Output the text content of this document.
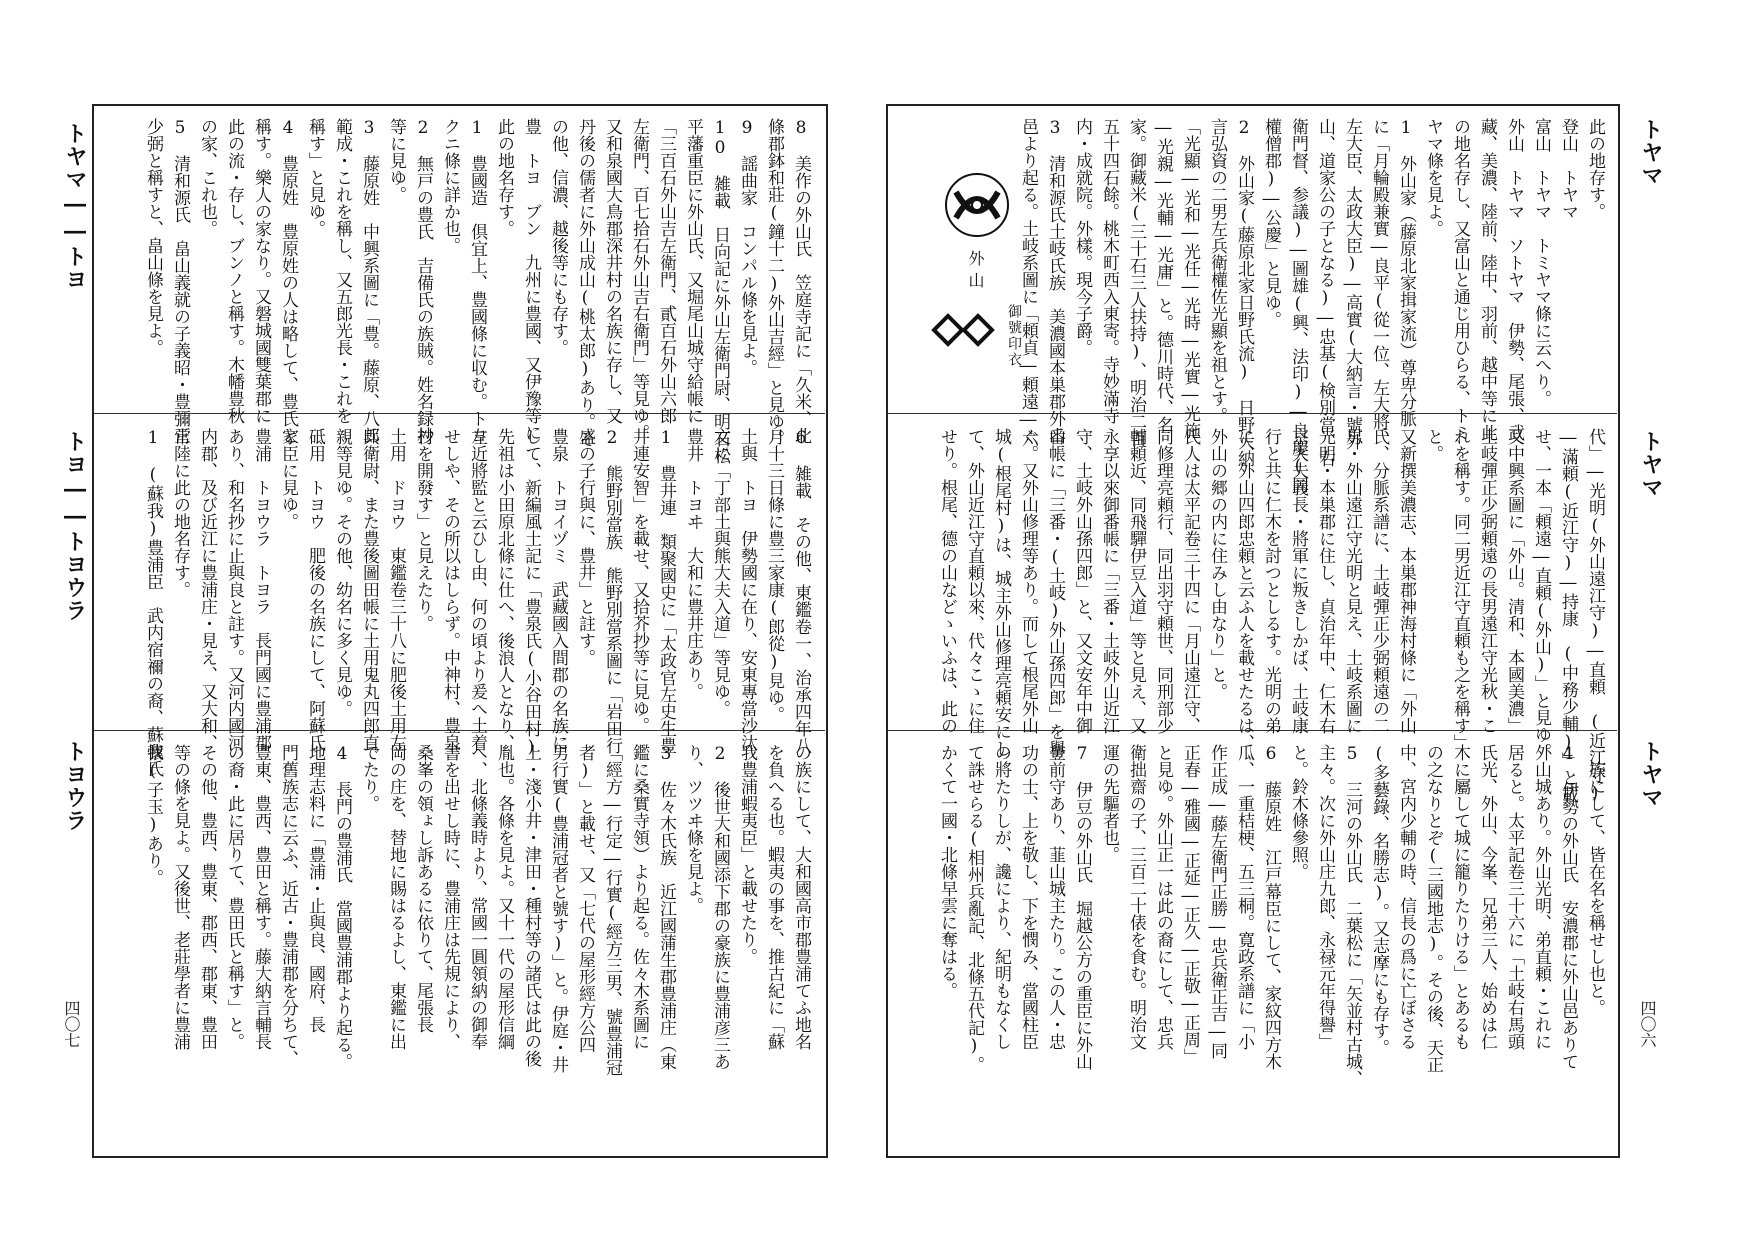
トヤマ――トヨ
トヨ――トヨウラ
トヨウラ
四〇七
8　美作の外山氏　笠庭寺記に「久米、北
條郡鉢和莊(鐘十二)外山吉經」と見ゆ。
9　謡曲家　コンパル條を見よ。
10　雑載　日向記に外山左衛門尉、明石松
平藩重臣に外山氏、又堀尾山城守給帳に
「三百石外山吉左衛門、貳百石外山六郎
左衛門、百七拾石外山吉右衛門」等見ゆ。
又和泉國大鳥郡深井村の名族に存し、又
丹後の儒者に外山成山(桃太郎)あり。そ
の他、信濃、越後等にも存す。
豊　トヨ　ブン　九州に豊國、又伊豫等に
此の地名存す。
1　豊國造　倶宜上、豊國條に収む。トヨ
クニ條に詳か也。
2　無戸の豊氏　吉備氏の族賊。姓名録抄
等に見ゆ。
3　藤原姓　中興系圖に「豊。藤原、八郎
範成・これを稱し、又五郎光長・これを
稱す」と見ゆ。
4　豊原姓　豊原姓の人は略して、豊氏と
稱す。樂人の家なり。又磐城國雙葉郡に
此の流・存し、ブンノと稱す。木幡豊秋
の家、これ也。
5　清和源氏　畠山義就の子義昭・豊彌正
少弼と稱すと、畠山條を見よ。
6　雑載　その他、東鑑卷一、治承四年八
月十三日條に豊三家康(郎從)見ゆ。
土與　トヨ　伊勢國に在り、安東專當沙汰
文に「丁部土與熊大夫入道」等見ゆ。
豊井　トヨヰ　大和に豊井庄あり。
1　豊井連　類聚國史に「太政官左史生豊
井連安智」を載せ、又拾芥抄等に見ゆ。
2　熊野別當族　熊野別當系圖に「岩田行
盛の子行與に、豊井」と註す。
豊泉　トヨイヅミ　武藏國入間郡の名族に
して、新編風土記に「豊泉氏(小谷田村)
先祖は小田原北條に仕へ、後浪人となり、
左近將監と云ひし由、何の頃より爰へ土着
せしや、その所以はしらず。中神村、豊泉
村を開發す」と見えたり。
土用　ドヨウ　東鑑卷三十八に肥後土用左
兵衛尉、また豊後圖田帳に土用鬼丸四郎直
親等見ゆ。その他、幼名に多く見ゆ。
砥用　トヨウ　肥後の名族にして、阿蘇氏
家臣に見ゆ。
豊浦　トヨウラ　トヨラ　長門國に豊浦郡
あり、和名抄に止與良と註す。又河内國河
内郡、及び近江に豊浦庄・見え、又大和、
常陸に此の地名存す。
1　(蘇我)豊浦臣　武内宿禰の裔、蘇我氏
の族にして、大和國高市郡豊浦てふ地名
を負へる也。蝦夷の事を、推古紀に「蘇
我豊浦蝦夷臣」と載せたり。
2　後世大和國添下郡の豪族に豊浦彦三あ
り、ツツヰ條を見よ。
3　佐々木氏族　近江國蒲生郡豊浦庄（東
鑑に桑實寺領）より起る。佐々木系圖に
「經方―行定―行實(經方三男、號豊浦冠
者)」と載せ、又「七代の屋形經方公四
男行實(豊浦冠者と號す)」と。伊庭・井
上・淺小井・津田・種村等の諸氏は此の後
胤也。各條を見よ。又十一代の屋形信綱
へ、北條義時より、常國一圓領納の御奉
書を出せし時に、豊浦庄は先規により、
桑峯の領ょし訴あるに依りて、尾張長
岡の庄を、替地に賜はるよし、東鑑に出
でたり。
4　長門の豊浦氏　當國豊浦郡より起る。
地理志料に「豊浦・止與良、國府、長
門舊族志に云ふ、近古・豊浦郡を分ちて、
豊東、豊西、豊田と稱す。藤大納言輔長
の裔・此に居りて、豊田氏と稱す」と。
その他、豊西、豊東、郡西、郡東、豊田
等の條を見よ。又後世、老莊學者に豊浦
懷(子玉)あり。
外山
御號印衣
此の地存す。
登山　トヤマ
富山　トヤマ　トミヤマ條に云へり。
外山　トヤマ　ソトヤマ　伊勢、尾張、武
藏、美濃、陸前、陸中、羽前、越中等に此
の地名存し、又富山と通じ用ひらる、トミ
ヤマ條を見よ。
1　外山家（藤原北家揖家流）尊卑分脈
に「月輪殿兼實―良平(從一位、左大將、
左大臣、太政大臣)―高實(大納言・號外
山、道家公の子となる)―忠基(検別當、右
衛門督、参議)―圖雄(興、法印)―良慶(同
權僧郡)―公慶」と見ゆ。
2　外山家(藤原北家日野氏流)　日野大納
言弘資の二男左兵衛權佐光顯を祖とす。
「光顯―光和―光任―光時―光實―光施
―光親―光輔―光庸」と。德川時代、名
家。御藏米(三十石三人扶持)、明治二百
五十四石餘。桃木町西入東寄。寺妙滿寺
内・成就院。外樣。現今子爵。
3　清和源氏土岐氏族　美濃國本巣郡外山
邑より起る。土岐系圖に「頼貞―頼遠―六
代」―光明(外山遠江守)―直頼　(近江守)
―滿頼(近江守)―持康　(中務少輔)」と載
せ、一本「頼遠―直頼(外山)」と見ゆ。
又中興系圖に「外山。清和、本國美濃」
土岐彈正少弼頼遠の長男遠江守光秋・こ
れを稱す。同二男近江守直頼も之を稱す」
と。
又新撰美濃志、本巣郡神海村條に「外山
氏、分脈系譜に、土岐彈正少弼頼遠の二
男・外山遠江守光明と見え、土岐系圖に
光明・本巣郡に住し、貞治年中、仁木右
京大夫義長・將軍に叛きしかば、土岐康
行と共に仁木を討つとしるす。光明の弟
に、外山四郎忠頼と云ふ人を載せたるは、
外山の郷の内に住みし由なり」と。
氏人は太平記卷三十四に「月山遠江守、
同修理亮頼行、同出羽守頼世、同刑部少
輔頼近、同飛驒伊豆入道」等と見え、又
永享以來御番帳に「三番・土岐外山近江
守、土岐外山孫四郎」と、又文安年中御
番帳に「三番・(土岐)外山孫四郎」を擧
ぐ。又外山修理等あり。而して根尾外山
城(根尾村)は、城主外山修理亮頼安にし
て、外山近江守直頼以來、代々こゝに住
せり。根尾、德の山などゝいふは、此の
一族にして、皆在名を稱せし也と。
4　伊勢の外山氏　安濃郡に外山邑ありて
外山城あり。外山光明、弟直頼・これに
居ると。太平記卷三十六に「土岐右馬頭
氏光、外山、今峯、兄弟三人、始めは仁
木に屬して城に籠りたりける」とあるも
の之なりとぞ(三國地志)。その後、天正
中、宮内少輔の時、信長の爲に亡ぼさる
(多藝錄、名勝志)。又志摩にも存す。
5　三河の外山氏　二葉松に「矢並村古城、
主々。次に外山庄九郎、永禄元年得譽」
と。鈴木條參照。
6　藤原姓　江戸幕臣にして、家紋四方木
瓜、一重桔梗、五三桐。寛政系譜に「小
作正成―藤左衛門正勝―忠兵衛正吉―同
正春―雅國―正延―正久―正敬―正周」
と見ゆ。外山正一は此の裔にして、忠兵
衛拙齋の子、三百二十俵を食む。明治文
運の先驅者也。
7　伊豆の外山氏　堀越公方の重臣に外山
豊前守あり、韮山城主たり。この人・忠
功の士、上を敬し、下を憫み、當國柱臣
の將たりしが、讒により、紀明もなくし
て誅せらる(相州兵亂記、北條五代記)。
かくて一國・北條早雲に奪はる。
トヤマ
トヤマ
トヤマ
四〇六
